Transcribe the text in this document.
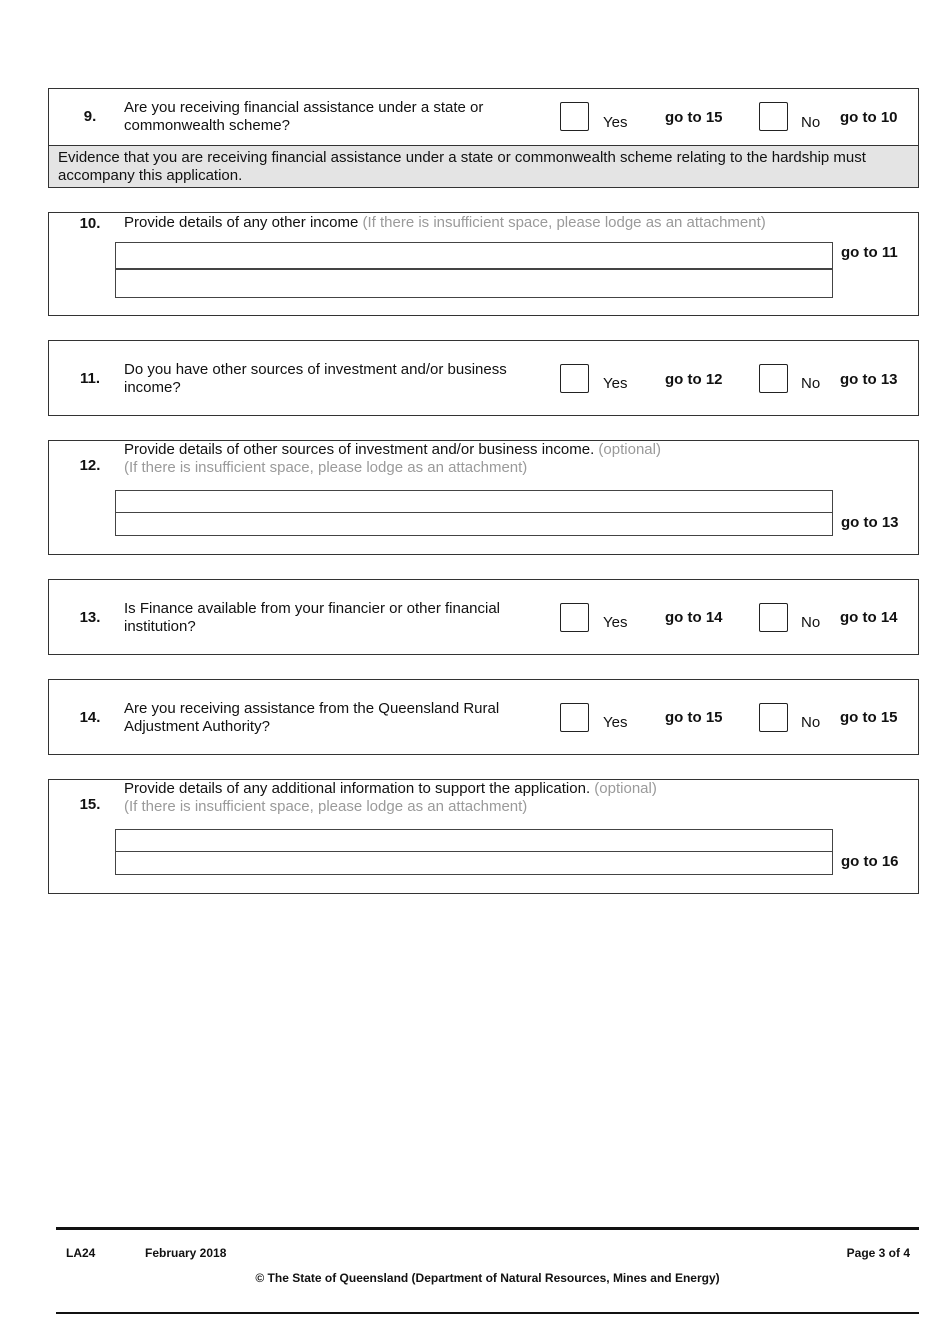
9.
Are you receiving financial assistance under a state or commonwealth scheme?	Yes	go to 15	No go to 10
Evidence that you are receiving financial assistance under a state or commonwealth scheme relating to the hardship must accompany this application.
10.	Provide details of any other income (If there is insufficient space, please lodge as an attachment)
go to 11
11.
Do you have other sources of investment and/or business income?	Yes	go to 12	No go to 13
12.
Provide details of other sources of investment and/or business income. (optional)
(If there is insufficient space, please lodge as an attachment)
go to 13
13.
Is Finance available from your financier or other financial institution?	Yes	go to 14	No go to 14
14.
Are you receiving assistance from the Queensland Rural Adjustment Authority?	Yes	go to 15	No go to 15
15.
Provide details of any additional information to support the application. (optional)
(If there is insufficient space, please lodge as an attachment)
go to 16
LA24	February 2018	Page 3 of 4
© The State of Queensland (Department of Natural Resources, Mines and Energy)
